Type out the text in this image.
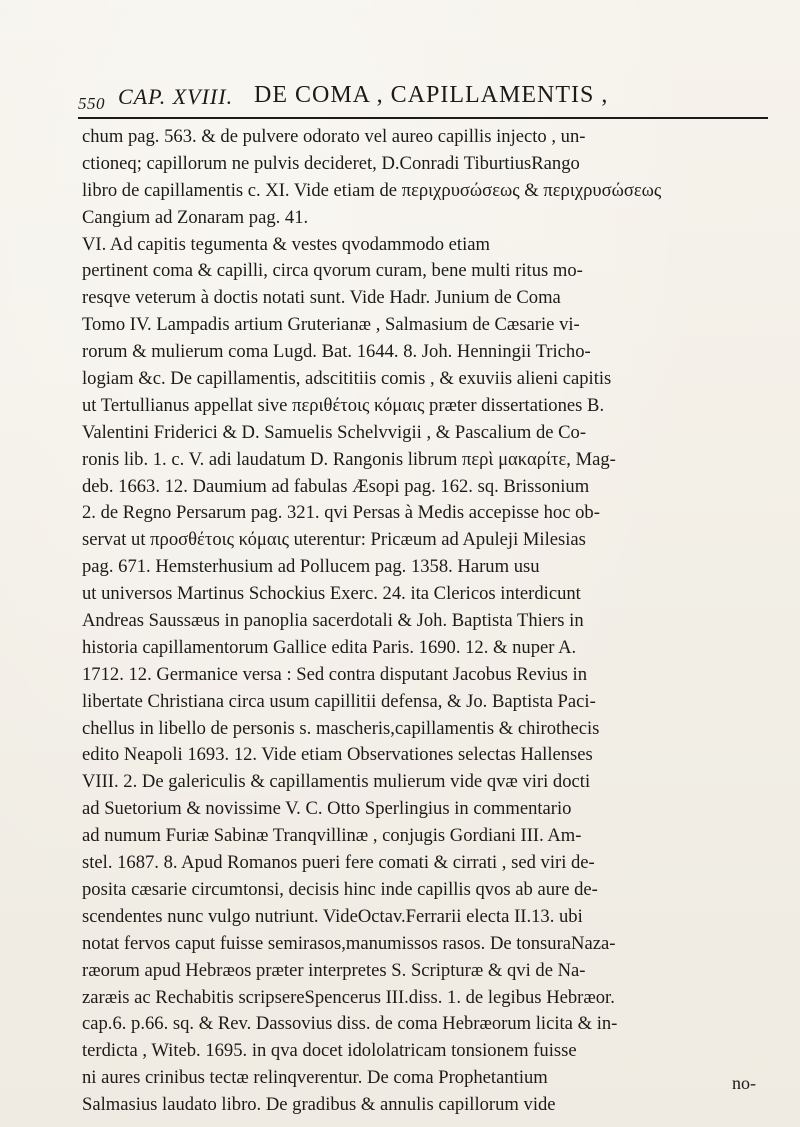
550 CAP. XVIII. DE COMA , CAPILLAMENTIS ,
chum pag. 563. & de pulvere odorato vel aureo capillis injecto , un-
ctioneq; capillorum ne pulvis decideret, D.Conradi TiburtiusRango
libro de capillamentis c. XI. Vide etiam de περιχρυσώσεως & περιχρυσώσεως
Cangium ad Zonaram pag. 41.
VI. Ad capitis tegumenta & vestes qvodammodo etiam
pertinent coma & capilli, circa qvorum curam, bene multi ritus mo-
resqve veterum à doctis notati sunt. Vide Hadr. Junium de Coma
Tomo IV. Lampadis artium Gruterianæ , Salmasium de Cæsarie vi-
rorum & mulierum coma Lugd. Bat. 1644. 8. Joh. Henningii Tricho-
logiam &c. De capillamentis, adscititiis comis , & exuviis alieni capitis
ut Tertullianus appellat sive περιθέτοις κόμαις præter dissertationes B.
Valentini Friderici & D. Samuelis Schelvvigii , & Pascalium de Co-
ronis lib. 1. c. V. adi laudatum D. Rangonis librum περὶ μακαρίτε, Mag-
deb. 1663. 12. Daumium ad fabulas Æsopi pag. 162. sq. Brissonium
2. de Regno Persarum pag. 321. qvi Persas à Medis accepisse hoc ob-
servat ut προσθέτοις κόμαις uterentur: Pricæum ad Apuleji Milesias
pag. 671. Hemsterhusium ad Pollucem pag. 1358. Harum usu
ut universos Martinus Schockius Exerc. 24. ita Clericos interdicunt
Andreas Saussæus in panoplia sacerdotali & Joh. Baptista Thiers in
historia capillamentorum Gallice edita Paris. 1690. 12. & nuper A.
1712. 12. Germanice versa : Sed contra disputant Jacobus Revius in
libertate Christiana circa usum capillitii defensa, & Jo. Baptista Paci-
chellus in libello de personis s. mascheris,capillamentis & chirothecis
edito Neapoli 1693. 12. Vide etiam Observationes selectas Hallenses
VIII. 2. De galericulis & capillamentis mulierum vide qvæ viri docti
ad Suetorium & novissime V. C. Otto Sperlingius in commentario
ad numum Furiæ Sabinæ Tranqvillinæ , conjugis Gordiani III. Am-
stel. 1687. 8. Apud Romanos pueri fere comati & cirrati , sed viri de-
posita cæsarie circumtonsi, decisis hinc inde capillis qvos ab aure de-
scendentes nunc vulgo nutriunt. VideOctav.Ferrarii electa II.13. ubi
notat fervos caput fuisse semirasos,manumissos rasos. De tonsuraNaza-
ræorum apud Hebræos præter interpretes S. Scripturæ & qvi de Na-
zaræis ac Rechabitis scripsereSpencerus III.diss. 1. de legibus Hebræor.
cap.6. p.66. sq. & Rev. Dassovius diss. de coma Hebræorum licita & in-
terdicta , Witeb. 1695. in qva docet idololatricam tonsionem fuisse
ni aures crinibus tectæ relinqverentur. De coma Prophetantium
Salmasius laudato libro. De gradibus & annulis capillorum vide
no-
